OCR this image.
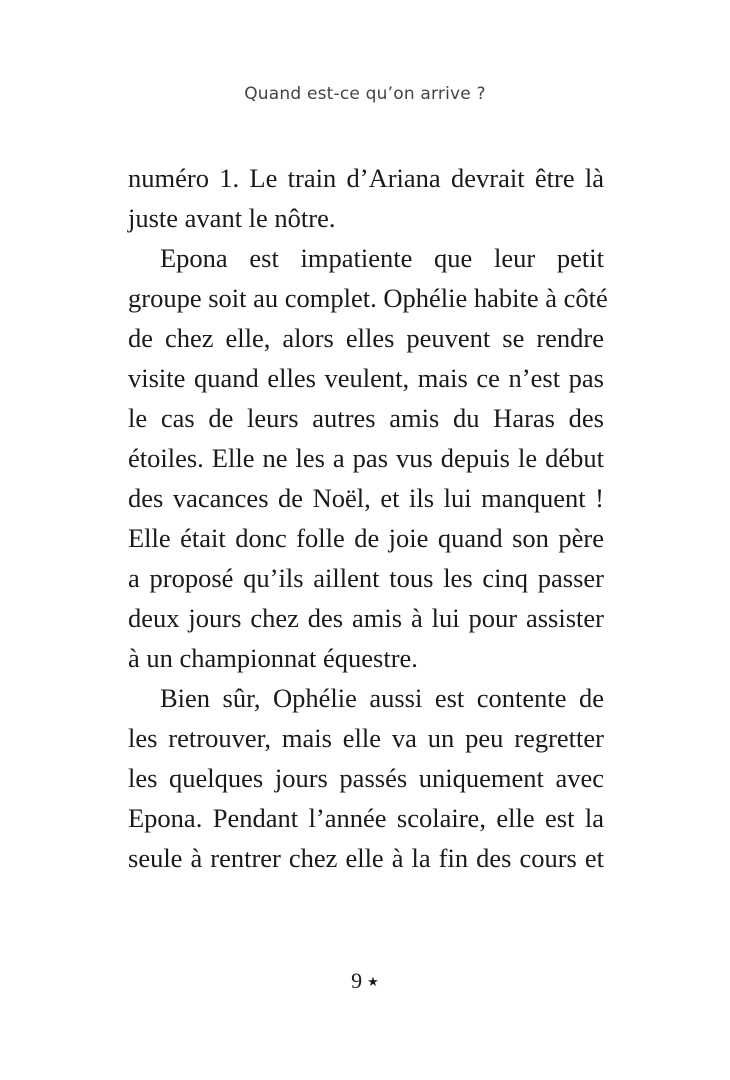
Quand est-ce qu’on arrive ?
numéro 1. Le train d’Ariana devrait être là
juste avant le nôtre.
Epona est impatiente que leur petit
groupe soit au complet. Ophélie habite à côté
de chez elle, alors elles peuvent se rendre
visite quand elles veulent, mais ce n’est pas
le cas de leurs autres amis du Haras des
étoiles. Elle ne les a pas vus depuis le début
des vacances de Noël, et ils lui manquent !
Elle était donc folle de joie quand son père
a proposé qu’ils aillent tous les cinq passer
deux jours chez des amis à lui pour assister
à un championnat équestre.
Bien sûr, Ophélie aussi est contente de
les retrouver, mais elle va un peu regretter
les quelques jours passés uniquement avec
Epona. Pendant l’année scolaire, elle est la
seule à rentrer chez elle à la fin des cours et
9 ★
